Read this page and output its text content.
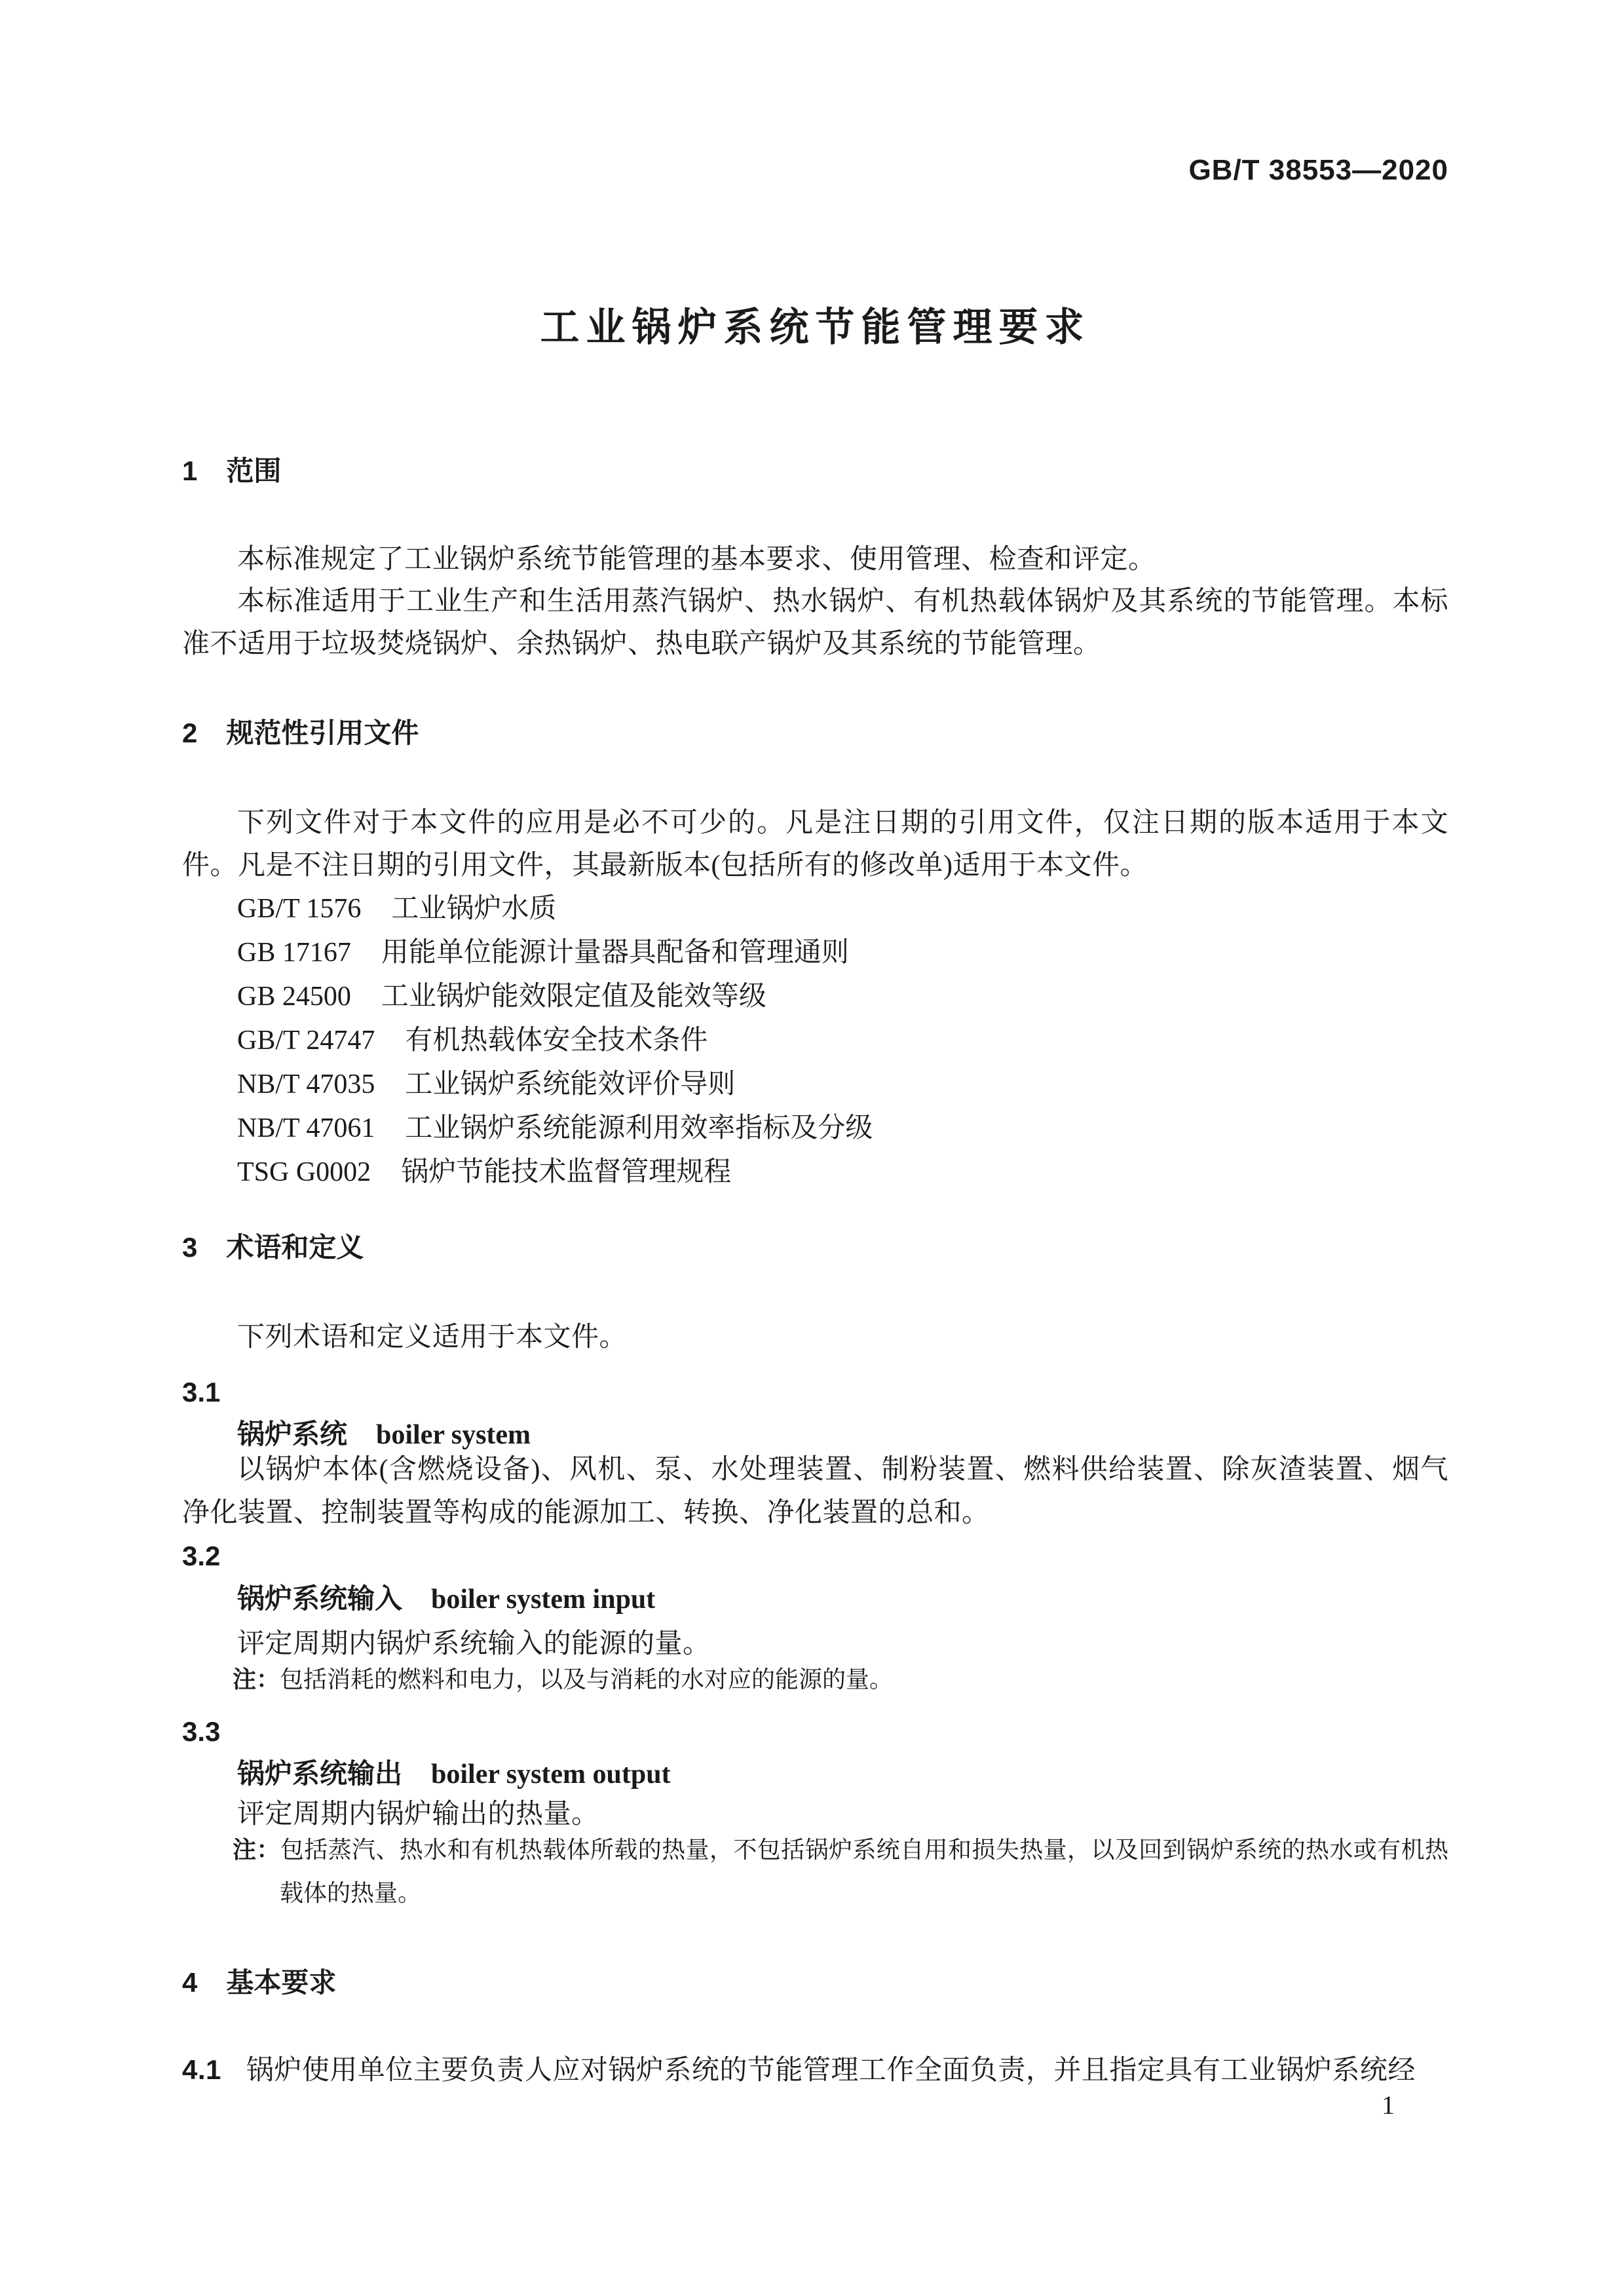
GB/T 38553—2020
工业锅炉系统节能管理要求
1 范围

本标准规定了工业锅炉系统节能管理的基本要求、使用管理、检查和评定。

本标准适用于工业生产和生活用蒸汽锅炉、热水锅炉、有机热载体锅炉及其系统的节能管理。本标准不适用于垃圾焚烧锅炉、余热锅炉、热电联产锅炉及其系统的节能管理。

2 规范性引用文件

下列文件对于本文件的应用是必不可少的。凡是注日期的引用文件，仅注日期的版本适用于本文件。凡是不注日期的引用文件，其最新版本(包括所有的修改单)适用于本文件。

GB/T 1576 工业锅炉水质
GB 17167 用能单位能源计量器具配备和管理通则
GB 24500 工业锅炉能效限定值及能效等级
GB/T 24747 有机热载体安全技术条件
NB/T 47035 工业锅炉系统能效评价导则
NB/T 47061 工业锅炉系统能源利用效率指标及分级
TSG G0002 锅炉节能技术监督管理规程
3 术语和定义

下列术语和定义适用于本文件。

3.1
锅炉系统 boiler system

以锅炉本体(含燃烧设备)、风机、泵、水处理装置、制粉装置、燃料供给装置、除灰渣装置、烟气净化装置、控制装置等构成的能源加工、转换、净化装置的总和。

3.2
锅炉系统输入 boiler system input

评定周期内锅炉系统输入的能源的量。

注：包括消耗的燃料和电力，以及与消耗的水对应的能源的量。

3.3
锅炉系统输出 boiler system output

评定周期内锅炉输出的热量。

注：包括蒸汽、热水和有机热载体所载的热量，不包括锅炉系统自用和损失热量，以及回到锅炉系统的热水或有机热载体的热量。

4 基本要求

4.1 锅炉使用单位主要负责人应对锅炉系统的节能管理工作全面负责，并且指定具有工业锅炉系统经

1
